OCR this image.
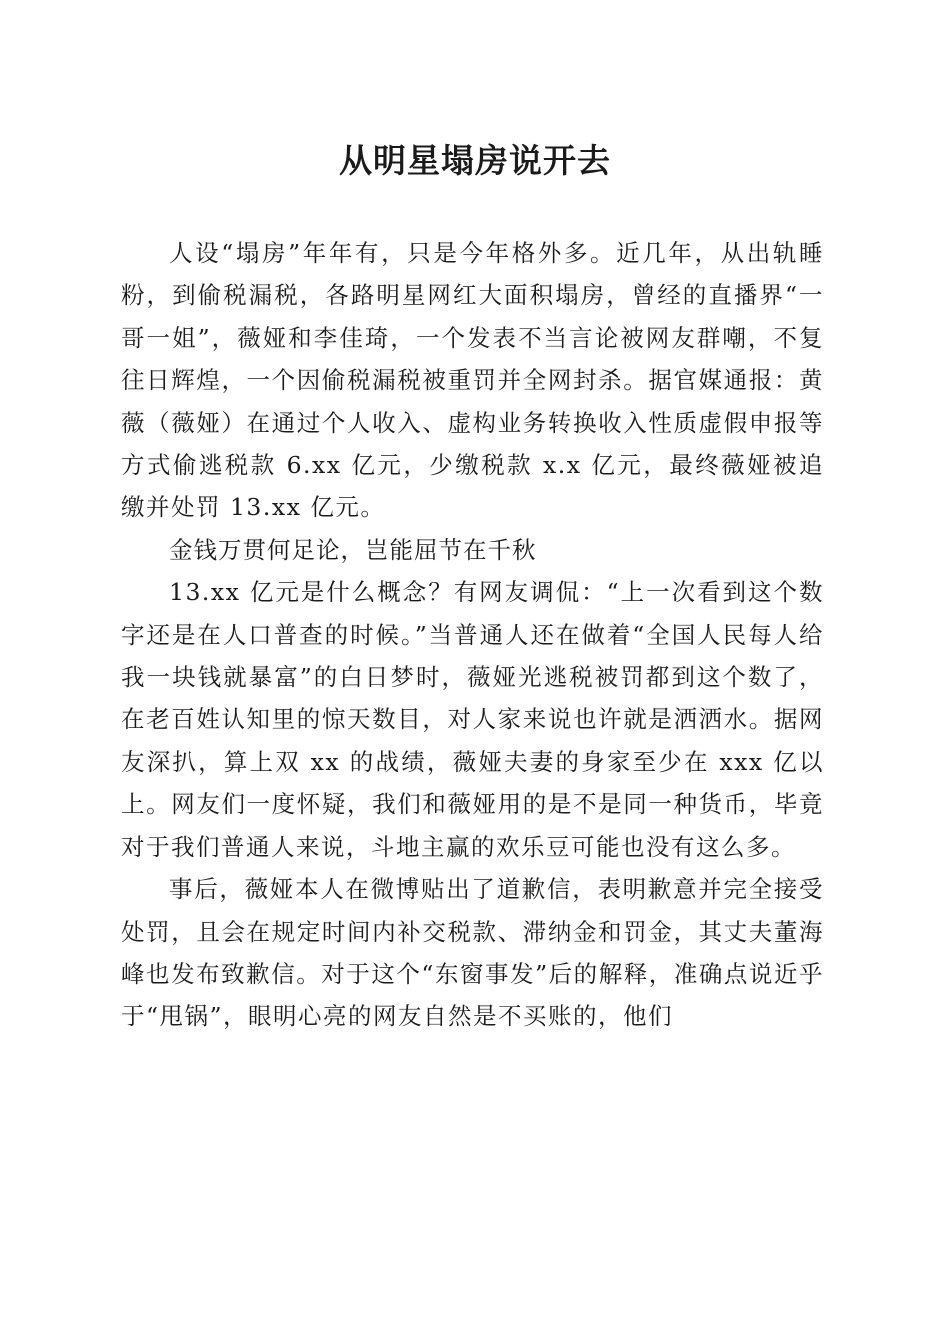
从明星塌房说开去

人设“塌房”年年有，只是今年格外多。近几年，从出轨睡粉，到偷税漏税，各路明星网红大面积塌房，曾经的直播界“一哥一姐”，薇娅和李佳琦，一个发表不当言论被网友群嘲，不复往日辉煌，一个因偷税漏税被重罚并全网封杀。据官媒通报：黄薇（薇娅）在通过个人收入、虚构业务转换收入性质虚假申报等方式偷逃税款 6.xx 亿元，少缴税款 x.x 亿元，最终薇娅被追缴并处罚 13.xx 亿元。

金钱万贯何足论，岂能屈节在千秋

13.xx 亿元是什么概念？有网友调侃：“上一次看到这个数字还是在人口普查的时候。”当普通人还在做着“全国人民每人给我一块钱就暴富”的白日梦时，薇娅光逃税被罚都到这个数了，在老百姓认知里的惊天数目，对人家来说也许就是洒洒水。据网友深扒，算上双 xx 的战绩，薇娅夫妻的身家至少在 xxx 亿以上。网友们一度怀疑，我们和薇娅用的是不是同一种货币，毕竟对于我们普通人来说，斗地主赢的欢乐豆可能也没有这么多。

事后，薇娅本人在微博贴出了道歉信，表明歉意并完全接受处罚，且会在规定时间内补交税款、滞纳金和罚金，其丈夫董海峰也发布致歉信。对于这个“东窗事发”后的解释，准确点说近乎于“甩锅”，眼明心亮的网友自然是不买账的，他们
